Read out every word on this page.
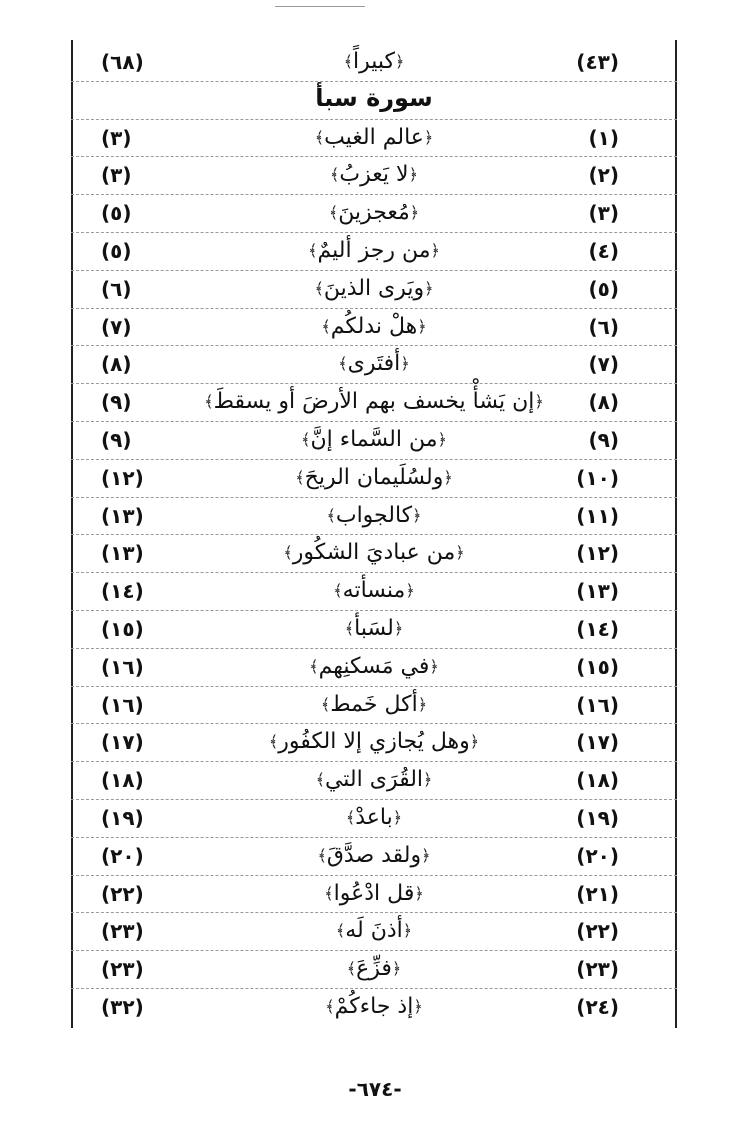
(٤٣)
﴿كبيراً﴾
(٦٨)
سورة سبأ
(١)
﴿عالم الغيب﴾
(٣)
(٢)
﴿لا يَعزبُ﴾
(٣)
(٣)
﴿مُعجزينَ﴾
(٥)
(٤)
﴿من رجز أليمٌ﴾
(٥)
(٥)
﴿ويَرى الذينَ﴾
(٦)
(٦)
﴿هلْ ندلكُم﴾
(٧)
(٧)
﴿أفتَرى﴾
(٨)
(٨)
﴿إن يَشأْ يخسف بهم الأرضَ أو يسقطَ﴾
(٩)
(٩)
﴿من السَّماء إنَّ﴾
(٩)
(١٠)
﴿ولسُلَيمان الريحَ﴾
(١٢)
(١١)
﴿كالجواب﴾
(١٣)
(١٢)
﴿من عباديَ الشكُور﴾
(١٣)
(١٣)
﴿منسأته﴾
(١٤)
(١٤)
﴿لسَبأ﴾
(١٥)
(١٥)
﴿في مَسكنِهم﴾
(١٦)
(١٦)
﴿أكل خَمط﴾
(١٦)
(١٧)
﴿وهل يُجازي إلا الكفُور﴾
(١٧)
(١٨)
﴿القُرَى التي﴾
(١٨)
(١٩)
﴿باعدْ﴾
(١٩)
(٢٠)
﴿ولقد صدَّقَ﴾
(٢٠)
(٢١)
﴿قل ادْعُوا﴾
(٢٢)
(٢٢)
﴿أذنَ لَه﴾
(٢٣)
(٢٣)
﴿فزِّعَ﴾
(٢٣)
(٢٤)
﴿إذ جاءكُمْ﴾
(٣٢)
-٦٧٤-
